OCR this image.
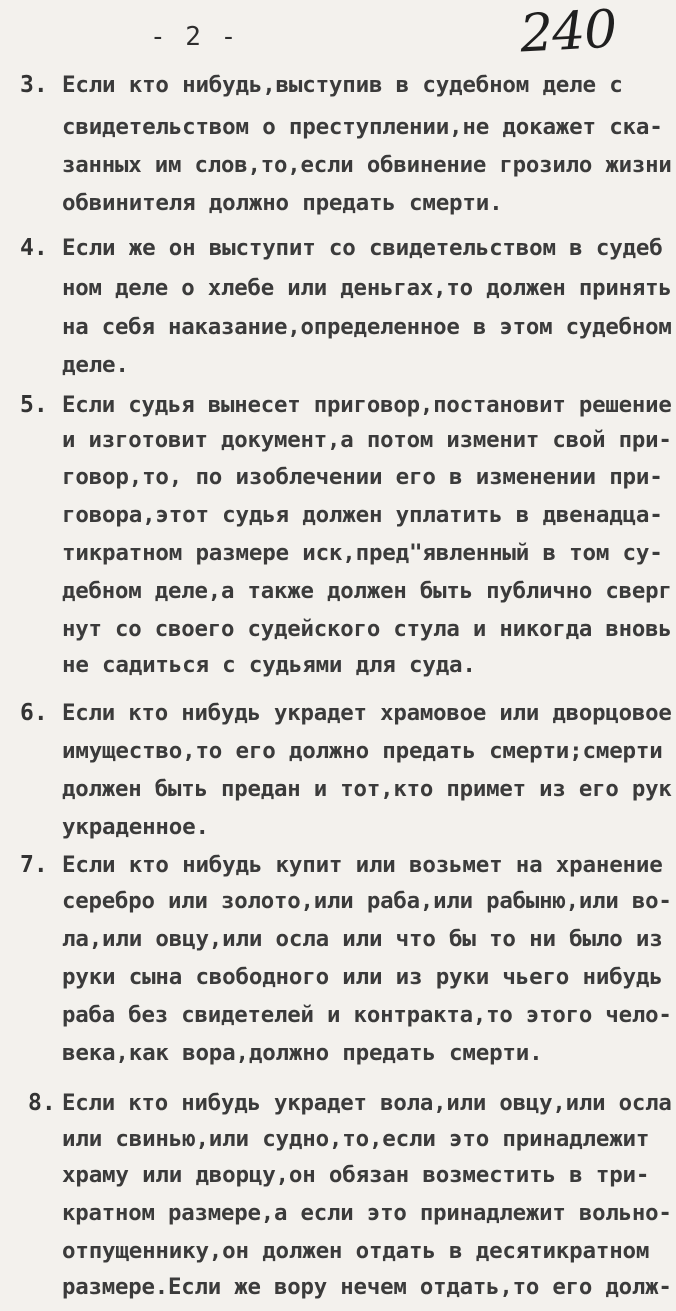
- 2 -	240
3. Если кто нибудь,выступив в судебном деле с
свидетельством о преступлении,не докажет ска-
занных им слов,то,если обвинение грозило жизни
обвинителя должно предать смерти.
4. Если же он выступит со свидетельством в судеб
ном деле о хлебе или деньгах,то должен принять
на себя наказание,определенное в этом судебном
деле.
5. Если судья вынесет приговор,постановит решение
и изготовит документ,а потом изменит свой при-
говор,то, по изоблечении его в изменении при-
говора,этот судья должен уплатить в двенадца-
тикратном размере иск,пред"явленный в том су-
дебном деле,а также должен быть публично сверг
нут со своего судейского стула и никогда вновь
не садиться с судьями для суда.
6. Если кто нибудь украдет храмовое или дворцовое
имущество,то его должно предать смерти;смерти
должен быть предан и тот,кто примет из его рук
украденное.
7. Если кто нибудь купит или возьмет на хранение
серебро или золото,или раба,или рабыню,или во-
ла,или овцу,или осла или что бы то ни было из
руки сына свободного или из руки чьего нибудь
раба без свидетелей и контракта,то этого чело-
века,как вора,должно предать смерти.
8. Если кто нибудь украдет вола,или овцу,или осла
или свинью,или судно,то,если это принадлежит
храму или дворцу,он обязан возместить в три-
кратном размере,а если это принадлежит вольно-
отпущеннику,он должен отдать в десятикратном
размере.Если же вору нечем отдать,то его долж-
